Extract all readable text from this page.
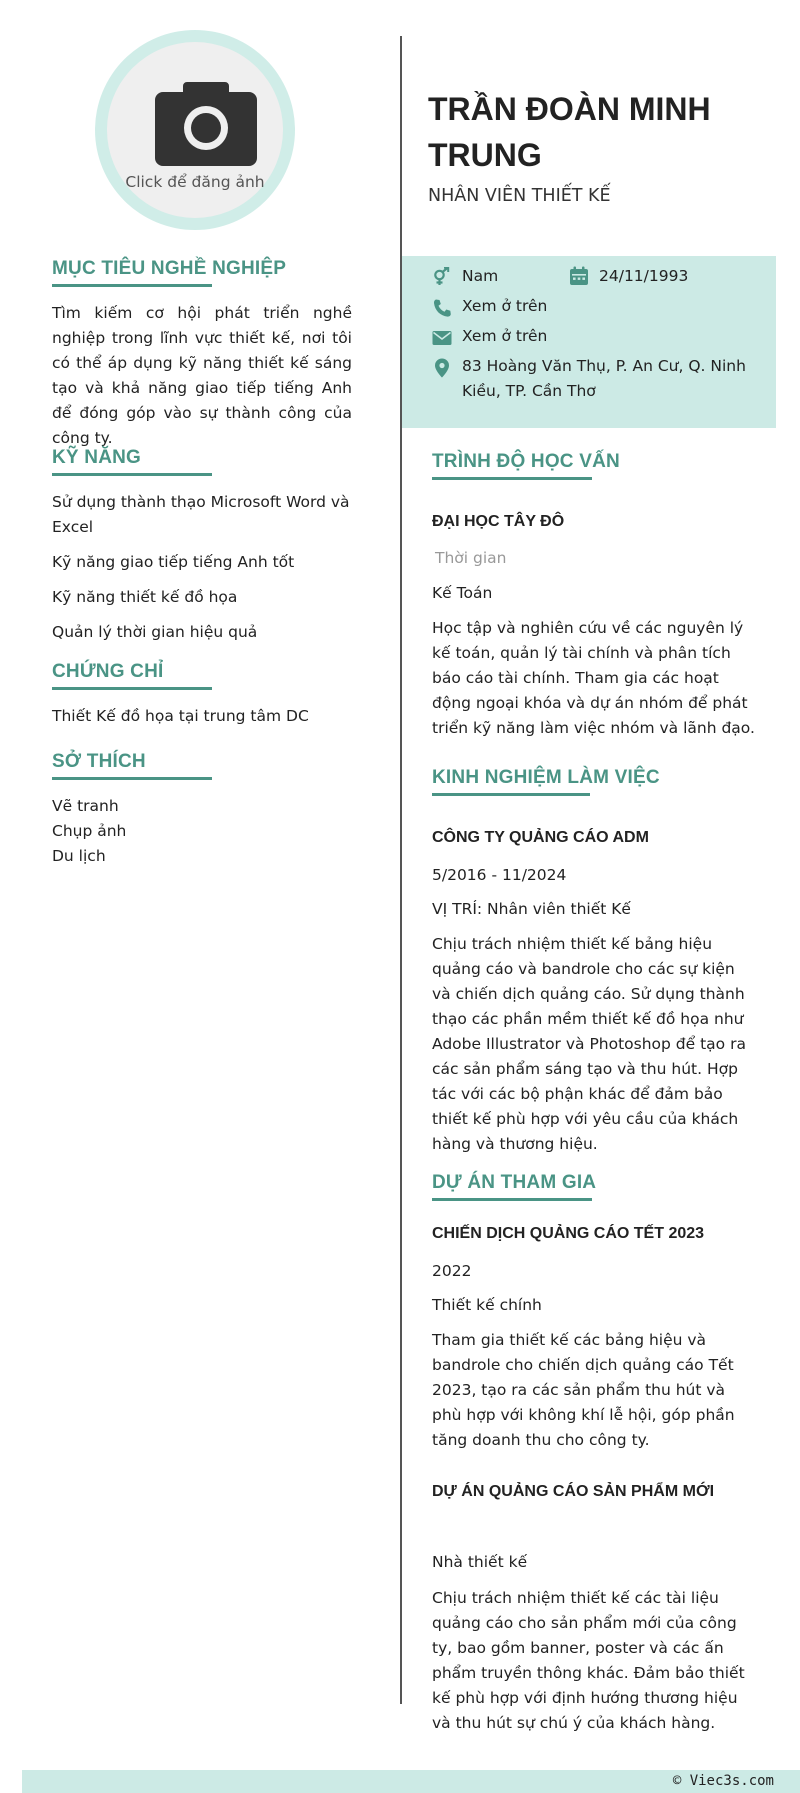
Click để đăng ảnh
MỤC TIÊU NGHỀ NGHIỆP
Tìm kiếm cơ hội phát triển nghề nghiệp trong lĩnh vực thiết kế, nơi tôi có thể áp dụng kỹ năng thiết kế sáng tạo và khả năng giao tiếp tiếng Anh để đóng góp vào sự thành công của công ty.
KỸ NĂNG
Sử dụng thành thạo Microsoft Word và Excel
Kỹ năng giao tiếp tiếng Anh tốt
Kỹ năng thiết kế đồ họa
Quản lý thời gian hiệu quả
CHỨNG CHỈ
Thiết Kế đồ họa tại trung tâm DC
SỞ THÍCH
Vẽ tranh
Chụp ảnh
Du lịch
TRẦN ĐOÀN MINH TRUNG
NHÂN VIÊN THIẾT KẾ
Nam	24/11/1993
Xem ở trên
Xem ở trên
83 Hoàng Văn Thụ, P. An Cư, Q. Ninh Kiều, TP. Cần Thơ
TRÌNH ĐỘ HỌC VẤN
ĐẠI HỌC TÂY ĐÔ
Thời gian
Kế Toán
Học tập và nghiên cứu về các nguyên lý kế toán, quản lý tài chính và phân tích báo cáo tài chính. Tham gia các hoạt động ngoại khóa và dự án nhóm để phát triển kỹ năng làm việc nhóm và lãnh đạo.
KINH NGHIỆM LÀM VIỆC
CÔNG TY QUẢNG CÁO ADM
5/2016 - 11/2024
VỊ TRÍ: Nhân viên thiết Kế
Chịu trách nhiệm thiết kế bảng hiệu quảng cáo và bandrole cho các sự kiện và chiến dịch quảng cáo. Sử dụng thành thạo các phần mềm thiết kế đồ họa như Adobe Illustrator và Photoshop để tạo ra các sản phẩm sáng tạo và thu hút. Hợp tác với các bộ phận khác để đảm bảo thiết kế phù hợp với yêu cầu của khách hàng và thương hiệu.
DỰ ÁN THAM GIA
CHIẾN DỊCH QUẢNG CÁO TẾT 2023
2022
Thiết kế chính
Tham gia thiết kế các bảng hiệu và bandrole cho chiến dịch quảng cáo Tết 2023, tạo ra các sản phẩm thu hút và phù hợp với không khí lễ hội, góp phần tăng doanh thu cho công ty.
DỰ ÁN QUẢNG CÁO SẢN PHẨM MỚI
Nhà thiết kế
Chịu trách nhiệm thiết kế các tài liệu quảng cáo cho sản phẩm mới của công ty, bao gồm banner, poster và các ấn phẩm truyền thông khác. Đảm bảo thiết kế phù hợp với định hướng thương hiệu và thu hút sự chú ý của khách hàng.
© Viec3s.com
